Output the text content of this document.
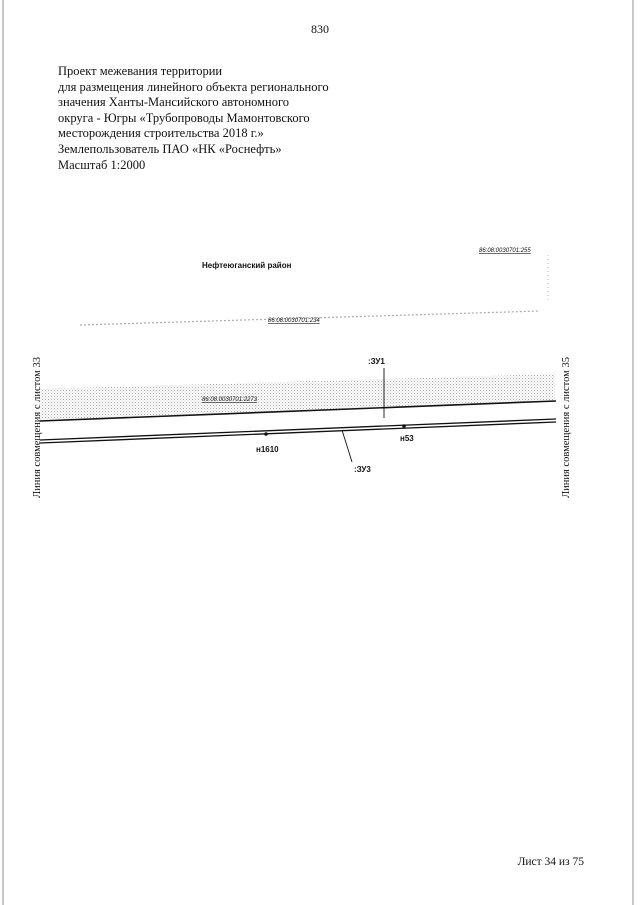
830
Проект межевания территории
для размещения линейного объекта регионального
значения Ханты-Мансийского автономного
округа - Югры «Трубопроводы Мамонтовского
месторождения строительства 2018 г.»
Землепользователь ПАО «НК «Роснефть»
Масштаб 1:2000
Нефтеюганский район
86:08:0030701:255
86:08:0030701:234
86:08:0030701:2273
:ЗУ1
:ЗУ3
н1610
н53
Линия совмещения с листом 33	Линия совмещения с листом 35
Лист 34 из 75
